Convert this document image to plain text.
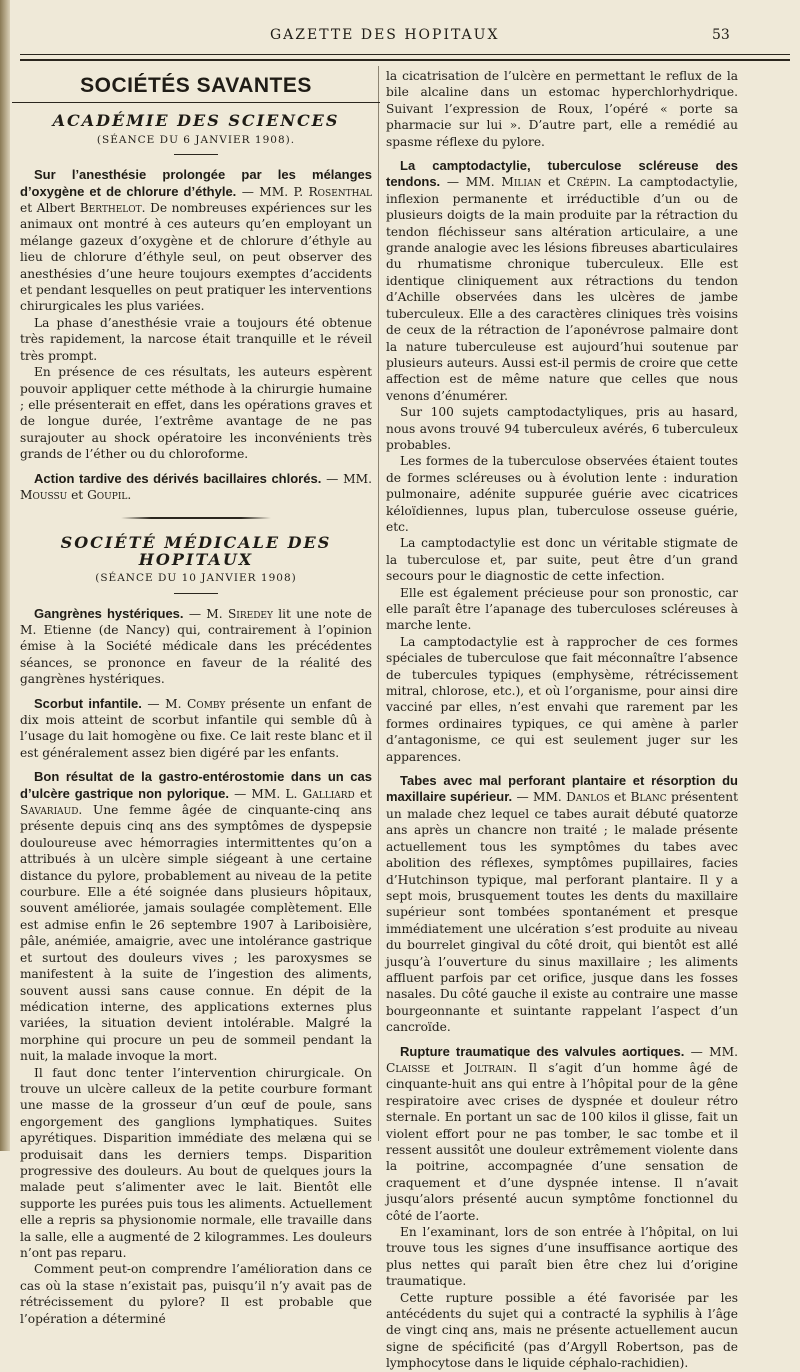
GAZETTE DES HOPITAUX	53
SOCIÉTÉS SAVANTES
ACADÉMIE DES SCIENCES
(SÉANCE DU 6 JANVIER 1908).

Sur l’anesthésie prolongée par les mélanges d’oxygène et de chlorure d’éthyle. — MM. P. Rosenthal et Albert Berthelot. De nombreuses expériences sur les animaux ont montré à ces auteurs qu’en employant un mélange gazeux d’oxygène et de chlorure d’éthyle au lieu de chlorure d’éthyle seul, on peut observer des anesthésies d’une heure toujours exemptes d’accidents et pendant lesquelles on peut pratiquer les interventions chirurgicales les plus variées.

La phase d’anesthésie vraie a toujours été obtenue très rapidement, la narcose était tranquille et le réveil très prompt.

En présence de ces résultats, les auteurs espèrent pouvoir appliquer cette méthode à la chirurgie humaine ; elle présenterait en effet, dans les opérations graves et de longue durée, l’extrême avantage de ne pas surajouter au shock opératoire les inconvénients très grands de l’éther ou du chloroforme.

Action tardive des dérivés bacillaires chlorés. — MM. Moussu et Goupil.

SOCIÉTÉ MÉDICALE DES HOPITAUX
(SÉANCE DU 10 JANVIER 1908)

Gangrènes hystériques. — M. Siredey lit une note de M. Etienne (de Nancy) qui, contrairement à l’opinion émise à la Société médicale dans les précédentes séances, se prononce en faveur de la réalité des gangrènes hystériques.

Scorbut infantile. — M. Comby présente un enfant de dix mois atteint de scorbut infantile qui semble dû à l’usage du lait homogène ou fixe. Ce lait reste blanc et il est généralement assez bien digéré par les enfants.

Bon résultat de la gastro-entérostomie dans un cas d’ulcère gastrique non pylorique. — MM. L. Galliard et Savariaud. Une femme âgée de cinquante-cinq ans présente depuis cinq ans des symptômes de dyspepsie douloureuse avec hémorragies intermittentes qu’on a attribués à un ulcère simple siégeant à une certaine distance du pylore, probablement au niveau de la petite courbure. Elle a été soignée dans plusieurs hôpitaux, souvent améliorée, jamais soulagée complètement. Elle est admise enfin le 26 septembre 1907 à Lariboisière, pâle, anémiée, amaigrie, avec une intolérance gastrique et surtout des douleurs vives ; les paroxysmes se manifestent à la suite de l’ingestion des aliments, souvent aussi sans cause connue. En dépit de la médication interne, des applications externes plus variées, la situation devient intolérable. Malgré la morphine qui procure un peu de sommeil pendant la nuit, la malade invoque la mort.

Il faut donc tenter l’intervention chirurgicale. On trouve un ulcère calleux de la petite courbure formant une masse de la grosseur d’un œuf de poule, sans engorgement des ganglions lymphatiques. Suites apyrétiques. Disparition immédiate des melæna qui se produisait dans les derniers temps. Disparition progressive des douleurs. Au bout de quelques jours la malade peut s’alimenter avec le lait. Bientôt elle supporte les purées puis tous les aliments. Actuellement elle a repris sa physionomie normale, elle travaille dans la salle, elle a augmenté de 2 kilogrammes. Les douleurs n’ont pas reparu.

Comment peut-on comprendre l’amélioration dans ce cas où la stase n’existait pas, puisqu’il n’y avait pas de rétrécissement du pylore? Il est probable que l’opération a déterminé

la cicatrisation de l’ulcère en permettant le reflux de la bile alcaline dans un estomac hyperchlorhydrique. Suivant l’expression de Roux, l’opéré « porte sa pharmacie sur lui ». D’autre part, elle a remédié au spasme réflexe du pylore.

La camptodactylie, tuberculose scléreuse des tendons. — MM. Milian et Crépin. La camptodactylie, inflexion permanente et irréductible d’un ou de plusieurs doigts de la main produite par la rétraction du tendon fléchisseur sans altération articulaire, a une grande analogie avec les lésions fibreuses abarticulaires du rhumatisme chronique tuberculeux. Elle est identique cliniquement aux rétractions du tendon d’Achille observées dans les ulcères de jambe tuberculeux. Elle a des caractères cliniques très voisins de ceux de la rétraction de l’aponévrose palmaire dont la nature tuberculeuse est aujourd’hui soutenue par plusieurs auteurs. Aussi est-il permis de croire que cette affection est de même nature que celles que nous venons d’énumérer.

Sur 100 sujets camptodactyliques, pris au hasard, nous avons trouvé 94 tuberculeux avérés, 6 tuberculeux probables.

Les formes de la tuberculose observées étaient toutes de formes scléreuses ou à évolution lente : induration pulmonaire, adénite suppurée guérie avec cicatrices kéloïdiennes, lupus plan, tuberculose osseuse guérie, etc.

La camptodactylie est donc un véritable stigmate de la tuberculose et, par suite, peut être d’un grand secours pour le diagnostic de cette infection.

Elle est également précieuse pour son pronostic, car elle paraît être l’apanage des tuberculoses scléreuses à marche lente.

La camptodactylie est à rapprocher de ces formes spéciales de tuberculose que fait méconnaître l’absence de tubercules typiques (emphysème, rétrécissement mitral, chlorose, etc.), et où l’organisme, pour ainsi dire vacciné par elles, n’est envahi que rarement par les formes ordinaires typiques, ce qui amène à parler d’antagonisme, ce qui est seulement juger sur les apparences.

Tabes avec mal perforant plantaire et résorption du maxillaire supérieur. — MM. Danlos et Blanc présentent un malade chez lequel ce tabes aurait débuté quatorze ans après un chancre non traité ; le malade présente actuellement tous les symptômes du tabes avec abolition des réflexes, symptômes pupillaires, facies d’Hutchinson typique, mal perforant plantaire. Il y a sept mois, brusquement toutes les dents du maxillaire supérieur sont tombées spontanément et presque immédiatement une ulcération s’est produite au niveau du bourrelet gingival du côté droit, qui bientôt est allé jusqu’à l’ouverture du sinus maxillaire ; les aliments affluent parfois par cet orifice, jusque dans les fosses nasales. Du côté gauche il existe au contraire une masse bourgeonnante et suintante rappelant l’aspect d’un cancroïde.

Rupture traumatique des valvules aortiques. — MM. Claisse et Joltrain. Il s’agit d’un homme âgé de cinquante-huit ans qui entre à l’hôpital pour de la gêne respiratoire avec crises de dyspnée et douleur rétro sternale. En portant un sac de 100 kilos il glisse, fait un violent effort pour ne pas tomber, le sac tombe et il ressent aussitôt une douleur extrêmement violente dans la poitrine, accompagnée d’une sensation de craquement et d’une dyspnée intense. Il n’avait jusqu’alors présenté aucun symptôme fonctionnel du côté de l’aorte.

En l’examinant, lors de son entrée à l’hôpital, on lui trouve tous les signes d’une insuffisance aortique des plus nettes qui paraît bien être chez lui d’origine traumatique.

Cette rupture possible a été favorisée par les antécédents du sujet qui a contracté la syphilis à l’âge de vingt cinq ans, mais ne présente actuellement aucun signe de spécificité (pas d’Argyll Robertson, pas de lymphocytose dans le liquide céphalo-rachidien).
